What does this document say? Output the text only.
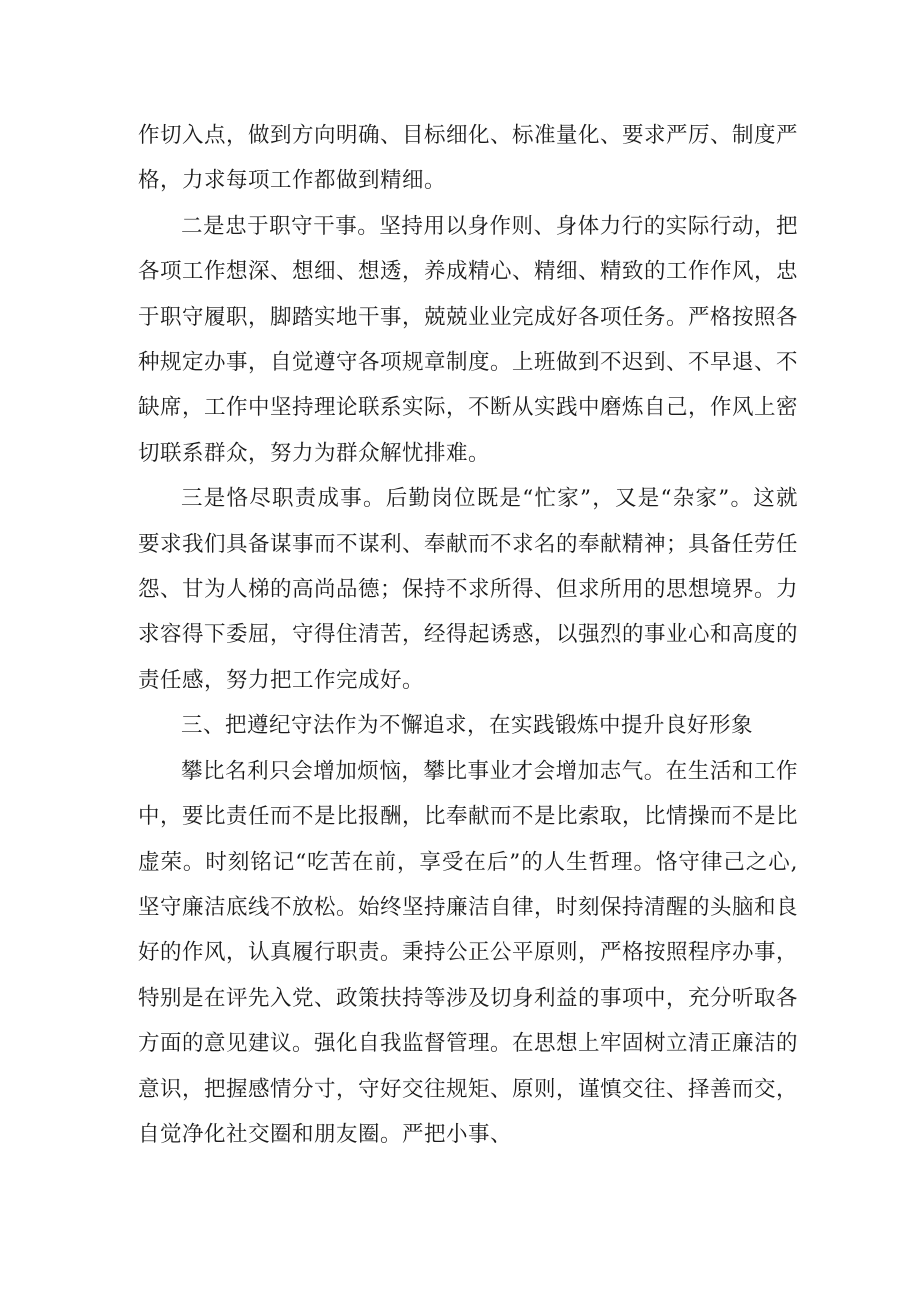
作切入点，做到方向明确、目标细化、标准量化、要求严厉、制度严格，力求每项工作都做到精细。

二是忠于职守干事。坚持用以身作则、身体力行的实际行动，把各项工作想深、想细、想透，养成精心、精细、精致的工作作风，忠于职守履职，脚踏实地干事，兢兢业业完成好各项任务。严格按照各种规定办事，自觉遵守各项规章制度。上班做到不迟到、不早退、不缺席，工作中坚持理论联系实际，不断从实践中磨炼自己，作风上密切联系群众，努力为群众解忧排难。

三是恪尽职责成事。后勤岗位既是“忙家”，又是“杂家”。这就要求我们具备谋事而不谋利、奉献而不求名的奉献精神；具备任劳任怨、甘为人梯的高尚品德；保持不求所得、但求所用的思想境界。力求容得下委屈，守得住清苦，经得起诱惑，以强烈的事业心和高度的责任感，努力把工作完成好。

三、把遵纪守法作为不懈追求，在实践锻炼中提升良好形象

攀比名利只会增加烦恼，攀比事业才会增加志气。在生活和工作中，要比责任而不是比报酬，比奉献而不是比索取，比情操而不是比虚荣。时刻铭记“吃苦在前，享受在后”的人生哲理。恪守律己之心,坚守廉洁底线不放松。始终坚持廉洁自律，时刻保持清醒的头脑和良好的作风，认真履行职责。秉持公正公平原则，严格按照程序办事，特别是在评先入党、政策扶持等涉及切身利益的事项中，充分听取各方面的意见建议。强化自我监督管理。在思想上牢固树立清正廉洁的意识，把握感情分寸，守好交往规矩、原则，谨慎交往、择善而交，自觉净化社交圈和朋友圈。严把小事、
